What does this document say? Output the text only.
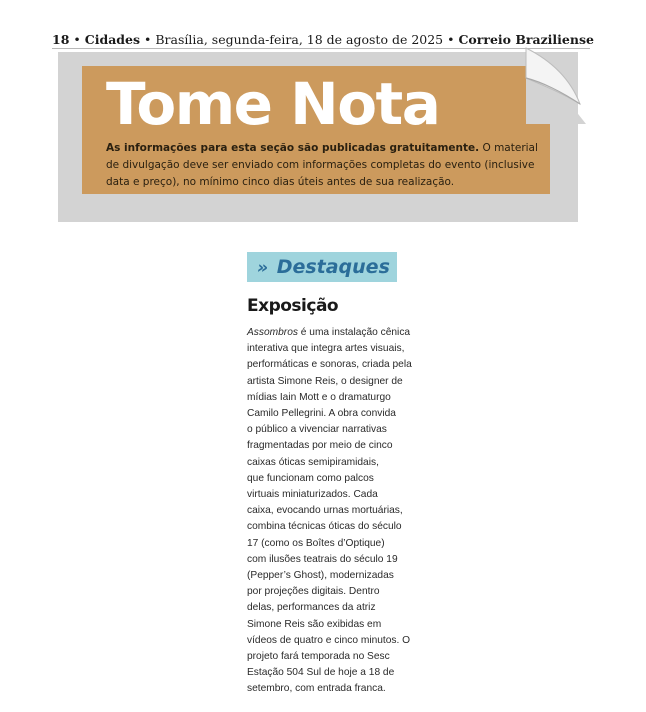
18 • Cidades • Brasília, segunda-feira, 18 de agosto de 2025 • Correio Braziliense
Tome Nota
As informações para esta seção são publicadas gratuitamente. O material de divulgação deve ser enviado com informações completas do evento (inclusive data e preço), no mínimo cinco dias úteis antes de sua realização.
» Destaques
Exposição
Assombros é uma instalação cênica
interativa que integra artes visuais,
performáticas e sonoras, criada pela
artista Simone Reis, o designer de
mídias Iain Mott e o dramaturgo
Camilo Pellegrini. A obra convida
o público a vivenciar narrativas
fragmentadas por meio de cinco
caixas óticas semipiramidais,
que funcionam como palcos
virtuais miniaturizados. Cada
caixa, evocando urnas mortuárias,
combina técnicas óticas do século
17 (como os Boîtes d’Optique)
com ilusões teatrais do século 19
(Pepper’s Ghost), modernizadas
por projeções digitais. Dentro
delas, performances da atriz
Simone Reis são exibidas em
vídeos de quatro e cinco minutos. O
projeto fará temporada no Sesc
Estação 504 Sul de hoje a 18 de
setembro, com entrada franca.
